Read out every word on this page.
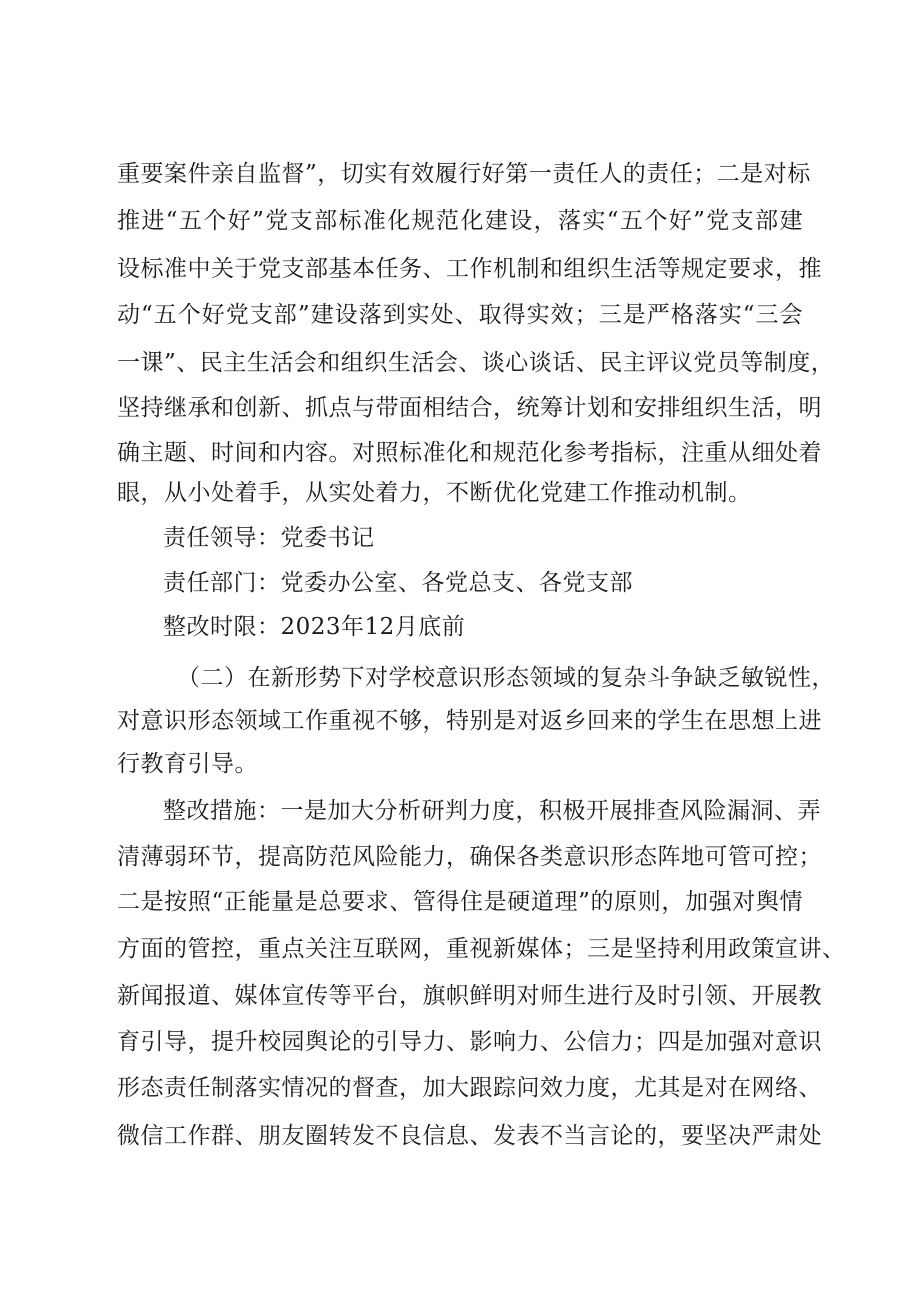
重要案件亲自监督”，切实有效履行好第一责任人的责任；二是对标
推进“五个好”党支部标准化规范化建设，落实“五个好”党支部建
设标准中关于党支部基本任务、工作机制和组织生活等规定要求，推
动“五个好党支部”建设落到实处、取得实效；三是严格落实“三会
一课”、民主生活会和组织生活会、谈心谈话、民主评议党员等制度，
坚持继承和创新、抓点与带面相结合，统筹计划和安排组织生活，明
确主题、时间和内容。对照标准化和规范化参考指标，注重从细处着
眼，从小处着手，从实处着力，不断优化党建工作推动机制。
责任领导：党委书记
责任部门：党委办公室、各党总支、各党支部
整改时限：2023年12月底前
（二）在新形势下对学校意识形态领域的复杂斗争缺乏敏锐性，
对意识形态领域工作重视不够，特别是对返乡回来的学生在思想上进
行教育引导。
整改措施：一是加大分析研判力度，积极开展排查风险漏洞、弄
清薄弱环节，提高防范风险能力，确保各类意识形态阵地可管可控；
二是按照“正能量是总要求、管得住是硬道理”的原则，加强对舆情
方面的管控，重点关注互联网，重视新媒体；三是坚持利用政策宣讲、
新闻报道、媒体宣传等平台，旗帜鲜明对师生进行及时引领、开展教
育引导，提升校园舆论的引导力、影响力、公信力；四是加强对意识
形态责任制落实情况的督查，加大跟踪问效力度，尤其是对在网络、
微信工作群、朋友圈转发不良信息、发表不当言论的，要坚决严肃处
